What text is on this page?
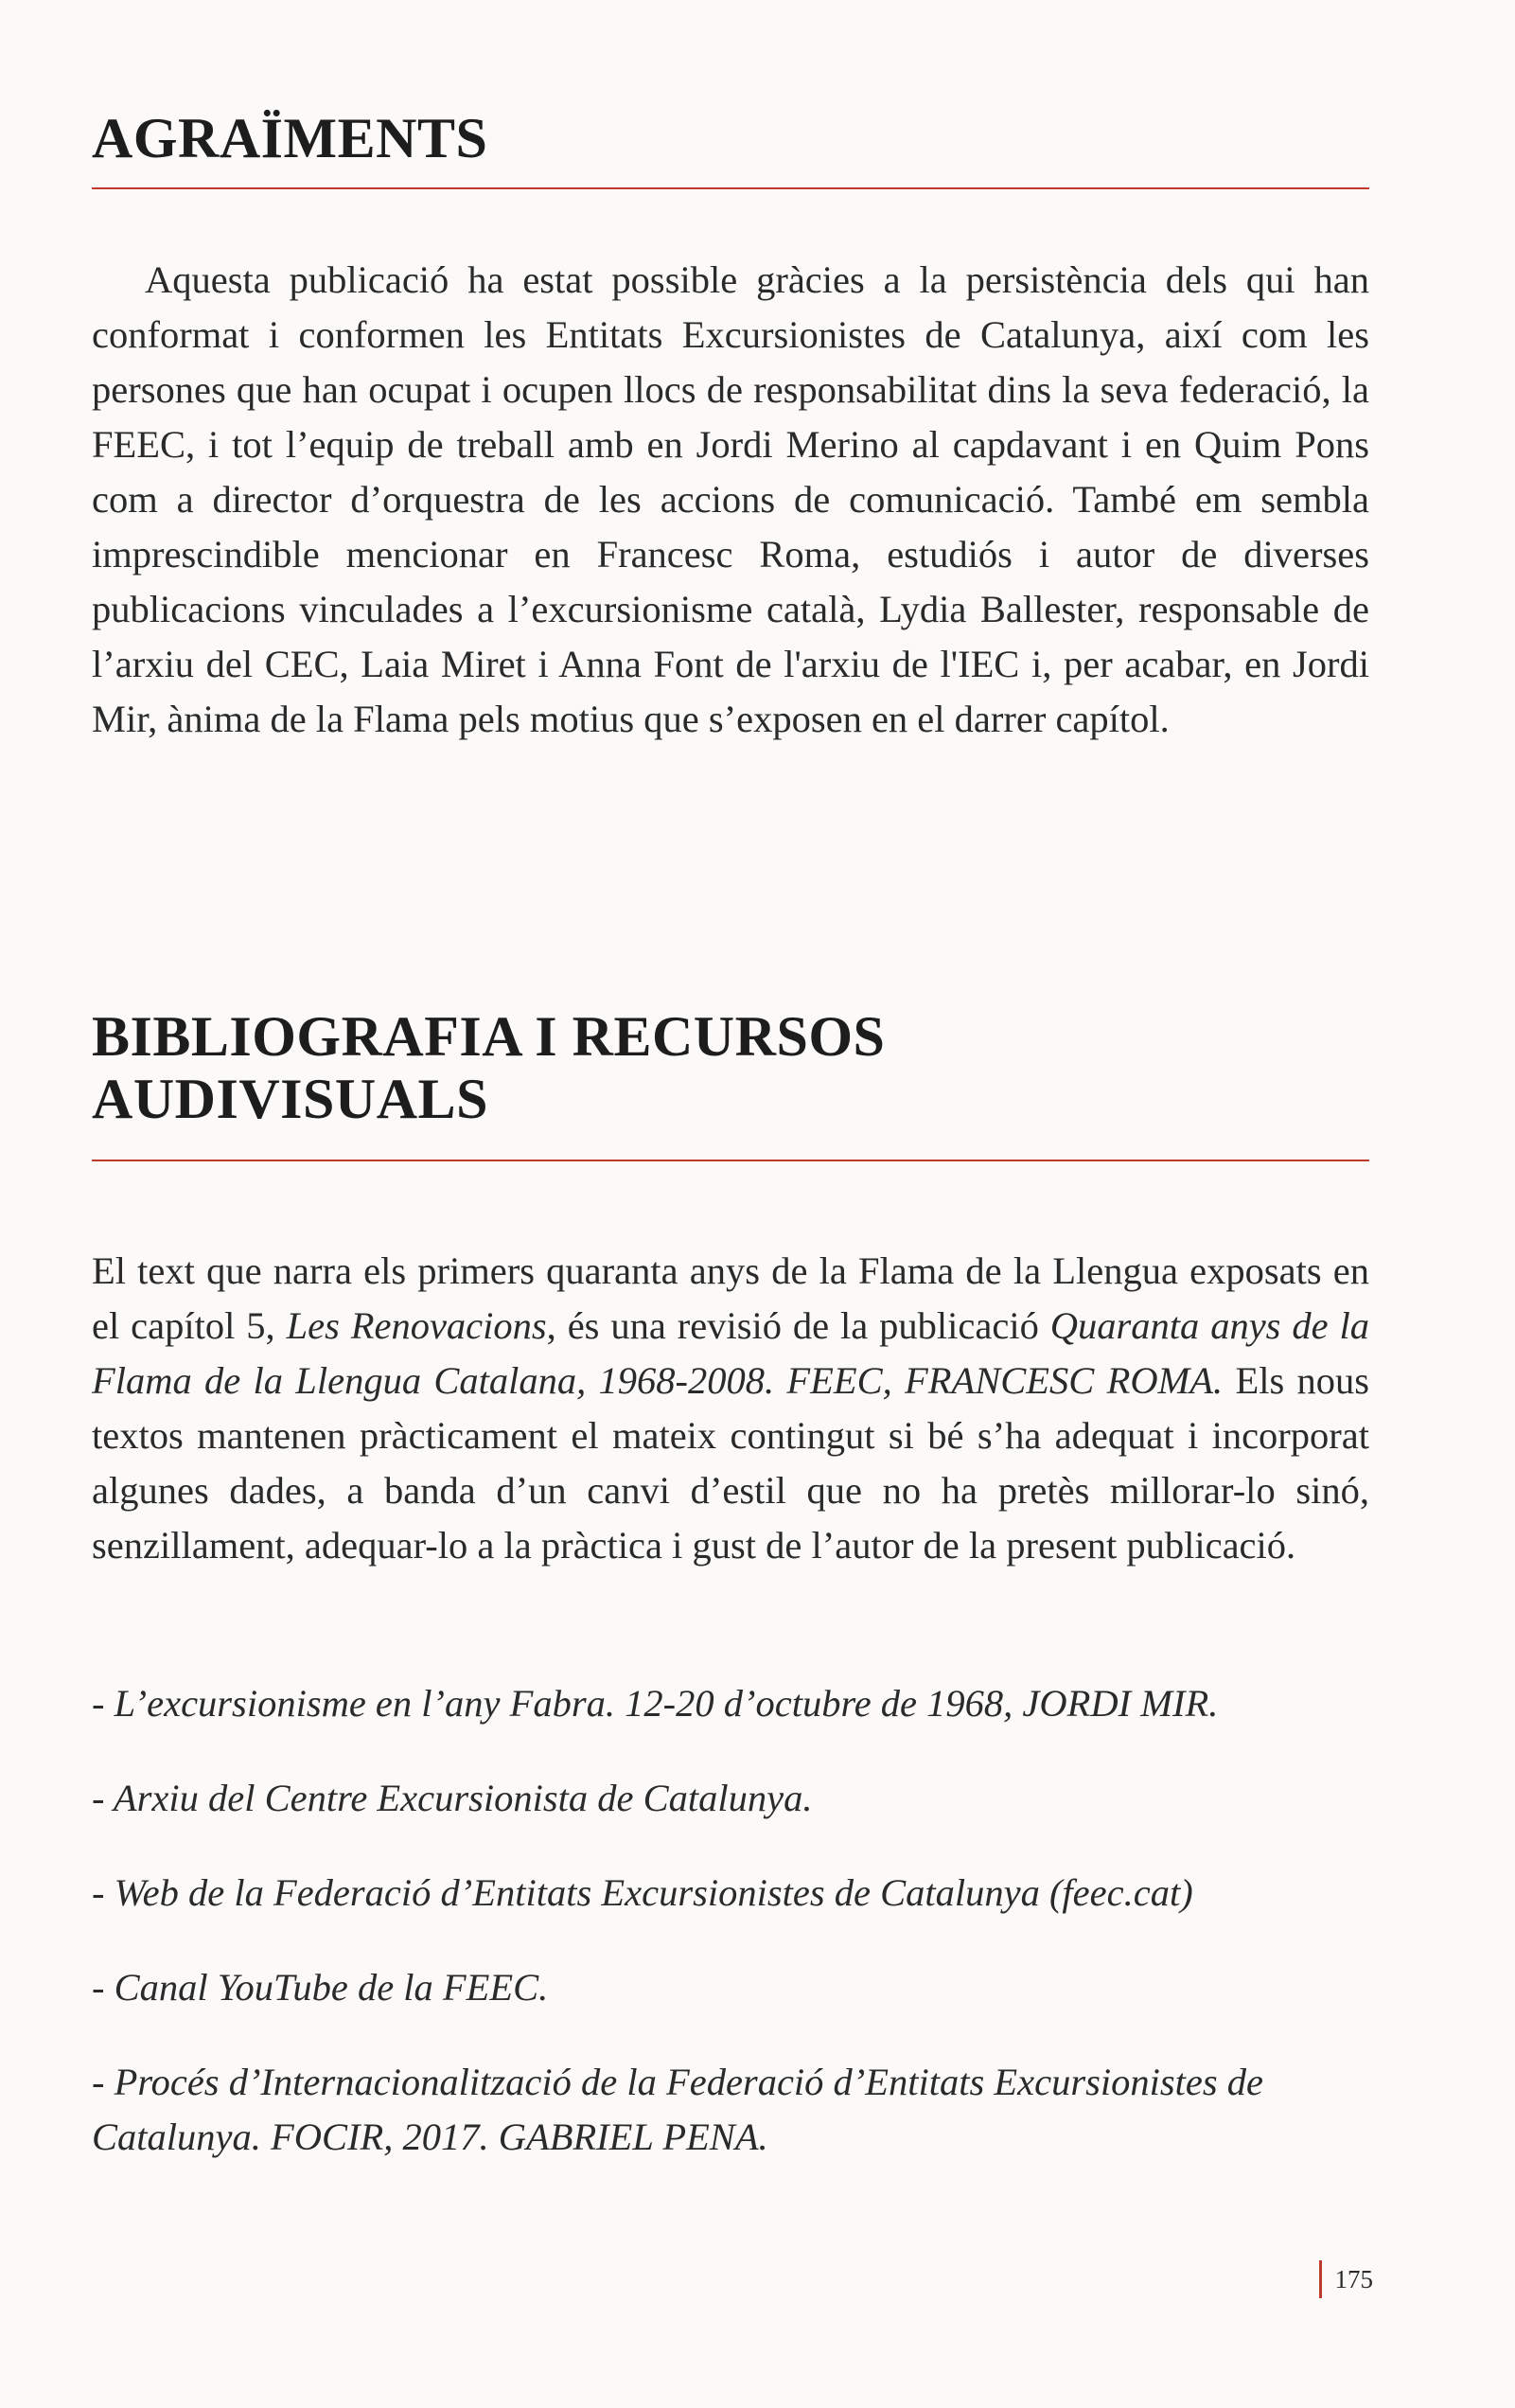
AGRAÏMENTS

Aquesta publicació ha estat possible gràcies a la persistència dels qui han conformat i conformen les Entitats Excursionistes de Catalunya, així com les persones que han ocupat i ocupen llocs de responsabilitat dins la seva federació, la FEEC, i tot l’equip de treball amb en Jordi Merino al capdavant i en Quim Pons com a director d’orquestra de les accions de comunicació. També em sembla imprescindible mencionar en Francesc Roma, estudiós i autor de diverses publicacions vinculades a l’excursionisme català, Lydia Ballester, responsable de l’arxiu del CEC, Laia Miret i Anna Font de l'arxiu de l'IEC i, per acabar, en Jordi Mir, ànima de la Flama pels motius que s’exposen en el darrer capítol.

BIBLIOGRAFIA I RECURSOS
AUDIVISUALS

El text que narra els primers quaranta anys de la Flama de la Llengua exposats en el capítol 5, Les Renovacions, és una revisió de la publicació Quaranta anys de la Flama de la Llengua Catalana, 1968-2008. FEEC, FRANCESC ROMA. Els nous textos mantenen pràcticament el mateix contingut si bé s’ha adequat i incorporat algunes dades, a banda d’un canvi d’estil que no ha pretès millorar-lo sinó, senzillament, adequar-lo a la pràctica i gust de l’autor de la present publicació.

- L’excursionisme en l’any Fabra. 12-20 d’octubre de 1968, JORDI MIR.
- Arxiu del Centre Excursionista de Catalunya.
- Web de la Federació d’Entitats Excursionistes de Catalunya (feec.cat)
- Canal YouTube de la FEEC.
- Procés d’Internacionalització de la Federació d’Entitats Excursionistes de Catalunya. FOCIR, 2017. GABRIEL PENA.
175
